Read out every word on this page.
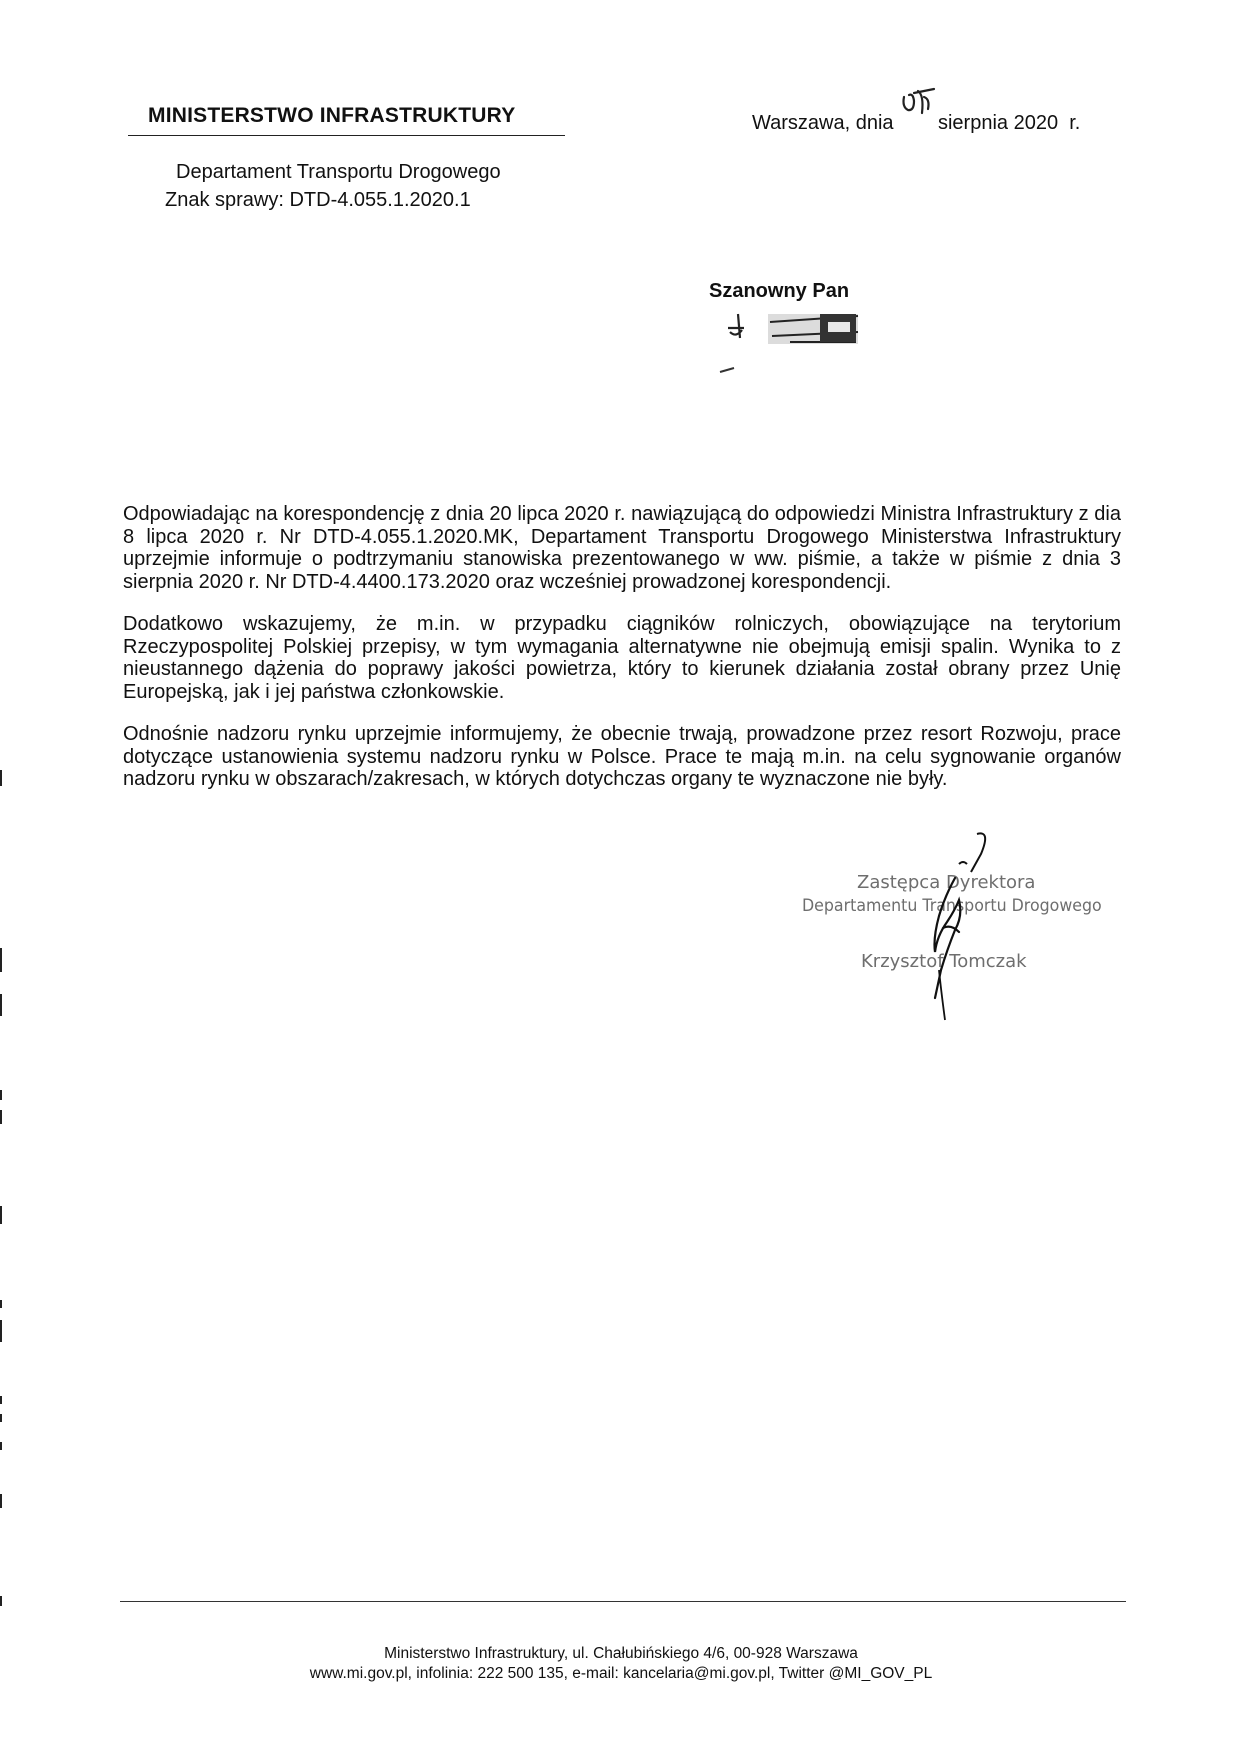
MINISTERSTWO INFRASTRUKTURY	Warszawa, dnia        sierpnia 2020  r.
Departament Transportu Drogowego
Znak sprawy: DTD-4.055.1.2020.1
Szanowny Pan

Odpowiadając na korespondencję z dnia 20 lipca 2020 r. nawiązującą do odpowiedzi Ministra Infrastruktury z dia 8 lipca 2020 r. Nr DTD-4.055.1.2020.MK, Departament Transportu Drogowego Ministerstwa Infrastruktury uprzejmie informuje o podtrzymaniu stanowiska prezentowanego w ww. piśmie, a także w piśmie z dnia 3 sierpnia 2020 r. Nr DTD-4.4400.173.2020 oraz wcześniej prowadzonej korespondencji.

Dodatkowo wskazujemy, że m.in. w przypadku ciągników rolniczych, obowiązujące na terytorium Rzeczypospolitej Polskiej przepisy, w tym wymagania alternatywne nie obejmują emisji spalin. Wynika to z nieustannego dążenia do poprawy jakości powietrza, który to kierunek działania został obrany przez Unię Europejską, jak i jej państwa członkowskie.

Odnośnie nadzoru rynku uprzejmie informujemy, że obecnie trwają, prowadzone przez resort Rozwoju, prace dotyczące ustanowienia systemu nadzoru rynku w Polsce. Prace te mają m.in. na celu sygnowanie organów nadzoru rynku w obszarach/zakresach, w których dotychczas organy te wyznaczone nie były.

Zastępca Dyrektora
Departamentu Transportu Drogowego
Krzysztof Tomczak
Ministerstwo Infrastruktury, ul. Chałubińskiego 4/6, 00-928 Warszawa
www.mi.gov.pl, infolinia: 222 500 135, e-mail: kancelaria@mi.gov.pl, Twitter @MI_GOV_PL
